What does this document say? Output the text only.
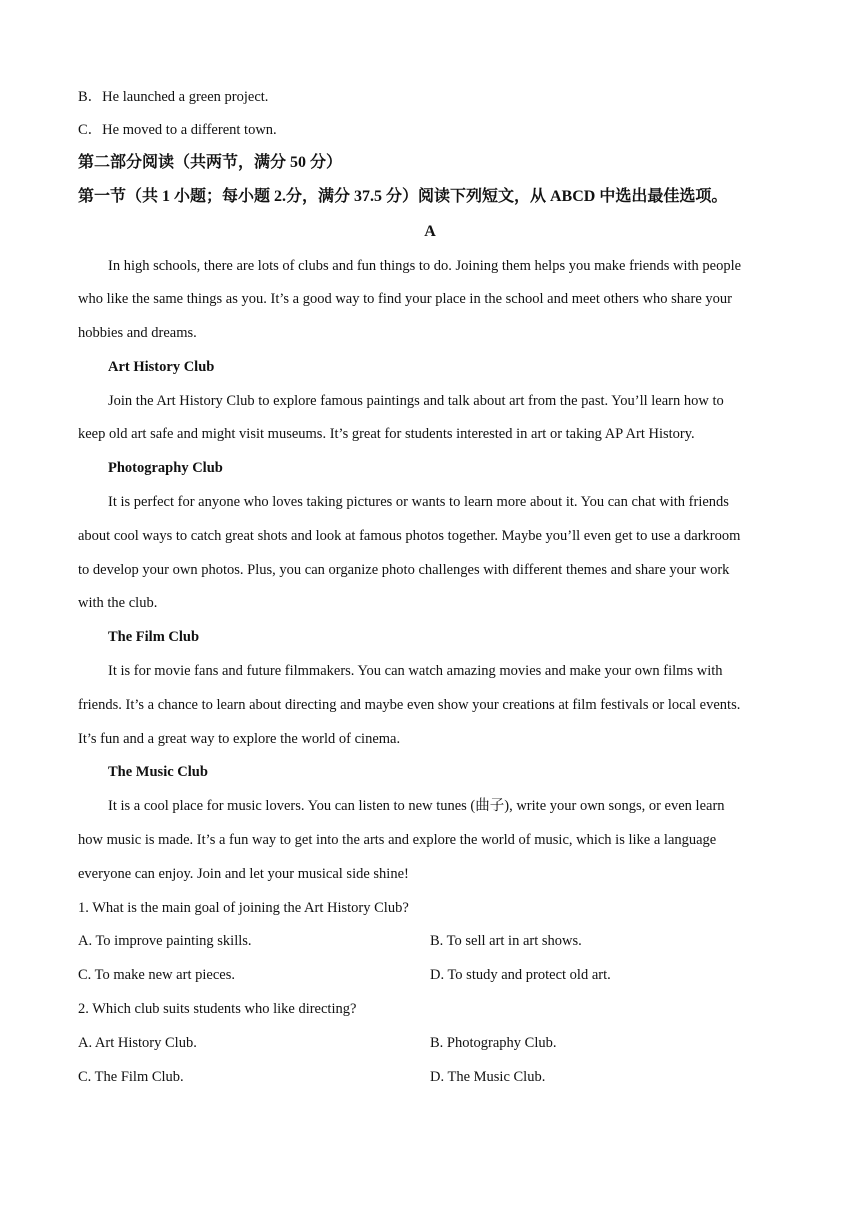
B．He launched a green project.
C．He moved to a different town.
第二部分阅读（共两节，满分 50 分）
第一节（共 1 小题；每小题 2.分，满分 37.5 分）阅读下列短文，从 ABCD 中选出最佳选项。
A
In high schools, there are lots of clubs and fun things to do. Joining them helps you make friends with people
who like the same things as you. It’s a good way to find your place in the school and meet others who share your
hobbies and dreams.
Art History Club
Join the Art History Club to explore famous paintings and talk about art from the past. You’ll learn how to
keep old art safe and might visit museums. It’s great for students interested in art or taking AP Art History.
Photography Club
It is perfect for anyone who loves taking pictures or wants to learn more about it. You can chat with friends
about cool ways to catch great shots and look at famous photos together. Maybe you’ll even get to use a darkroom
to develop your own photos. Plus, you can organize photo challenges with different themes and share your work
with the club.
The Film Club
It is for movie fans and future filmmakers. You can watch amazing movies and make your own films with
friends. It’s a chance to learn about directing and maybe even show your creations at film festivals or local events.
It’s fun and a great way to explore the world of cinema.
The Music Club
It is a cool place for music lovers. You can listen to new tunes (曲子), write your own songs, or even learn
how music is made. It’s a fun way to get into the arts and explore the world of music, which is like a language
everyone can enjoy. Join and let your musical side shine!
1. What is the main goal of joining the Art History Club?
A. To improve painting skills.	B. To sell art in art shows.
C. To make new art pieces.	D. To study and protect old art.
2. Which club suits students who like directing?
A. Art History Club.	B. Photography Club.
C. The Film Club.	D. The Music Club.
